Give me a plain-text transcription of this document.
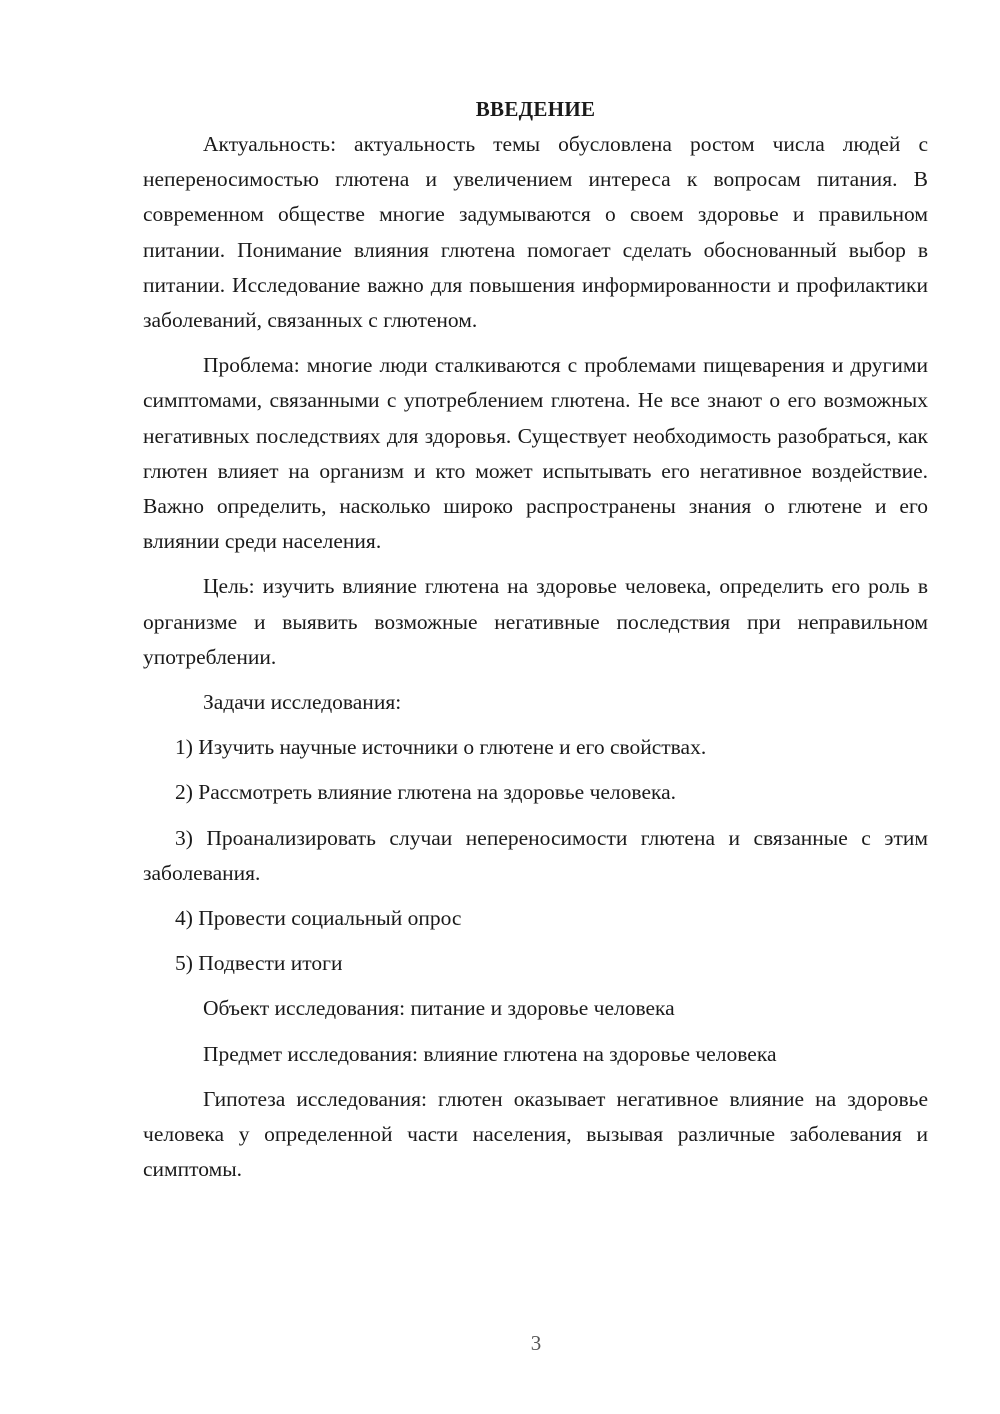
ВВЕДЕНИЕ

Актуальность: актуальность темы обусловлена ростом числа людей с непереносимостью глютена и увеличением интереса к вопросам питания. В современном обществе многие задумываются о своем здоровье и правильном питании. Понимание влияния глютена помогает сделать обоснованный выбор в питании. Исследование важно для повышения информированности и профилактики заболеваний, связанных с глютеном.

Проблема: многие люди сталкиваются с проблемами пищеварения и другими симптомами, связанными с употреблением глютена. Не все знают о его возможных негативных последствиях для здоровья. Существует необходимость разобраться, как глютен влияет на организм и кто может испытывать его негативное воздействие. Важно определить, насколько широко распространены знания о глютене и его влиянии среди населения.

Цель: изучить влияние глютена на здоровье человека, определить его роль в организме и выявить возможные негативные последствия при неправильном употреблении.

Задачи исследования:

1) Изучить научные источники о глютене и его свойствах.

2) Рассмотреть влияние глютена на здоровье человека.

3) Проанализировать случаи непереносимости глютена и связанные с этим заболевания.

4) Провести социальный опрос

5) Подвести итоги

Объект исследования: питание и здоровье человека

Предмет исследования: влияние глютена на здоровье человека

Гипотеза исследования: глютен оказывает негативное влияние на здоровье человека у определенной части населения, вызывая различные заболевания и симптомы.

3
